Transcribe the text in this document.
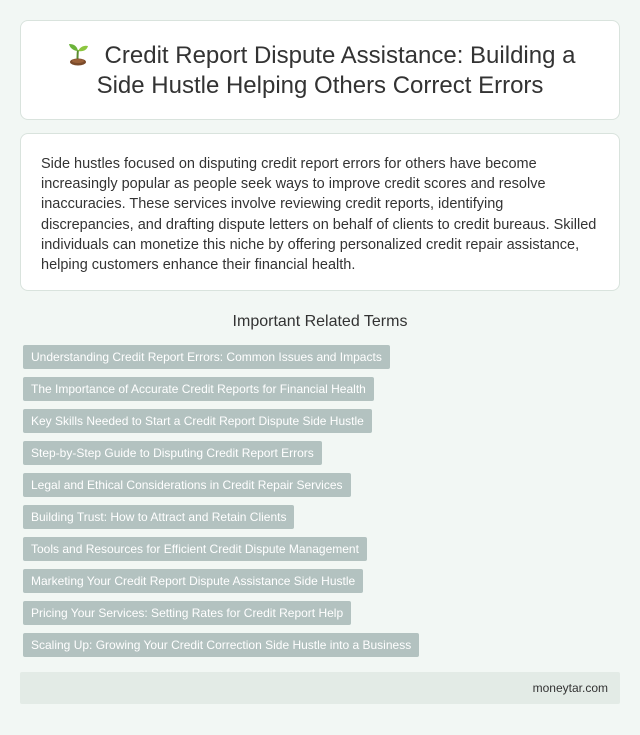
Credit Report Dispute Assistance: Building a Side Hustle Helping Others Correct Errors

Side hustles focused on disputing credit report errors for others have become increasingly popular as people seek ways to improve credit scores and resolve inaccuracies. These services involve reviewing credit reports, identifying discrepancies, and drafting dispute letters on behalf of clients to credit bureaus. Skilled individuals can monetize this niche by offering personalized credit repair assistance, helping customers enhance their financial health.

Important Related Terms
Understanding Credit Report Errors: Common Issues and Impacts
The Importance of Accurate Credit Reports for Financial Health
Key Skills Needed to Start a Credit Report Dispute Side Hustle
Step-by-Step Guide to Disputing Credit Report Errors
Legal and Ethical Considerations in Credit Repair Services
Building Trust: How to Attract and Retain Clients
Tools and Resources for Efficient Credit Dispute Management
Marketing Your Credit Report Dispute Assistance Side Hustle
Pricing Your Services: Setting Rates for Credit Report Help
Scaling Up: Growing Your Credit Correction Side Hustle into a Business
moneytar.com
